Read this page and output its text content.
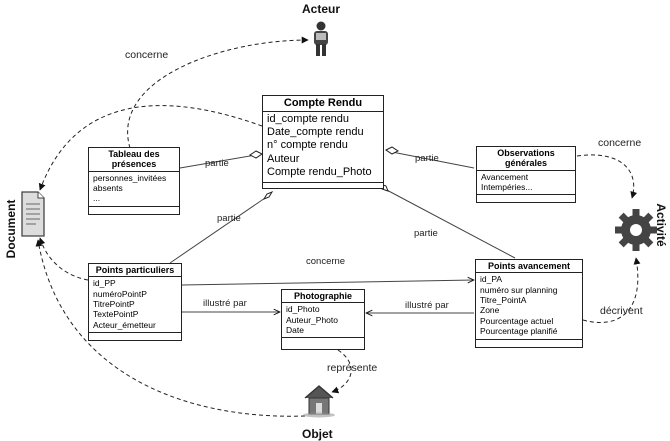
Acteur
Document	Activité
Objet
Compte Rendu
id_compte rendu
Date_compte rendu
n° compte rendu
Auteur
Compte rendu_Photo
Tableau des
présences
personnes_invitées
absents
...
Observations
générales
Avancement
Intempéries...
Points particuliers
id_PP
numéroPointP
TitrePointP
TextePointP
Acteur_émetteur
Photographie
id_Photo
Auteur_Photo
Date
Points avancement
id_PA
numéro sur planning
Titre_PointA
Zone
Pourcentage actuel
Pourcentage planifié
concerne
partie	partie
concerne
partie
partie
concerne
illustré par	illustré par	décrivent
représente
